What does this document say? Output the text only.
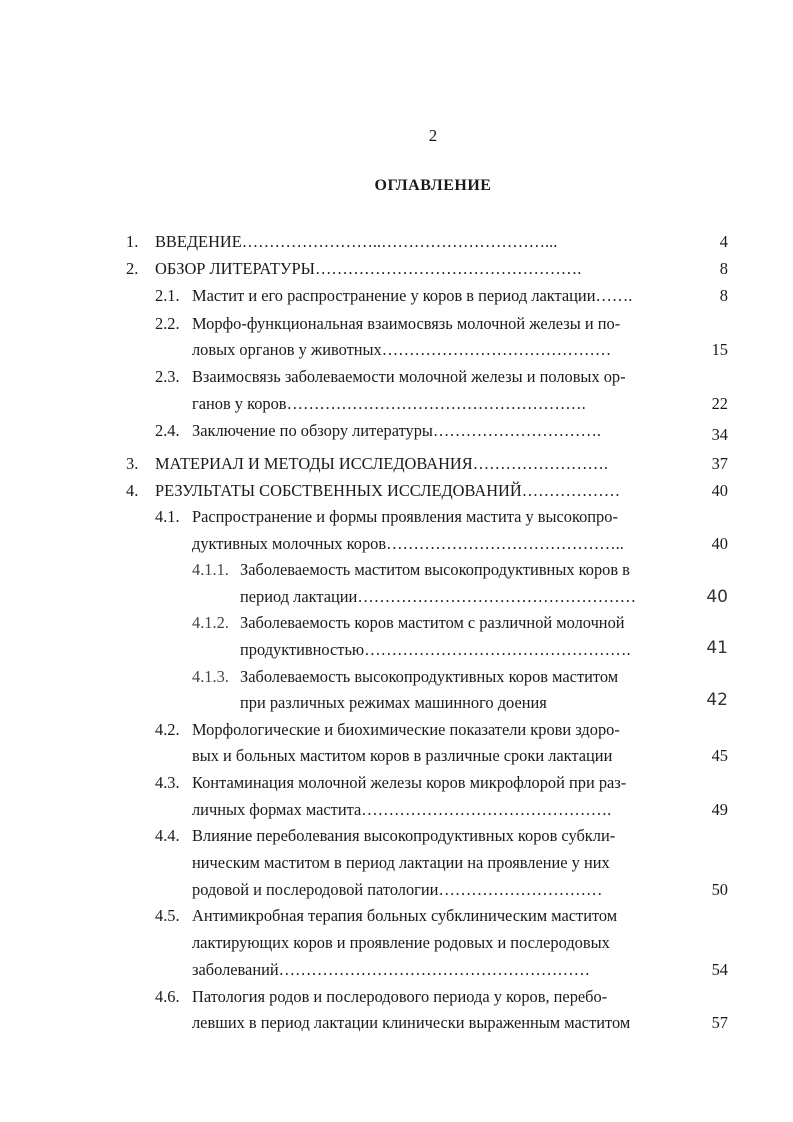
2
ОГЛАВЛЕНИЕ
1. ВВЕДЕНИЕ……………………..…………………………...	4
2. ОБЗОР ЛИТЕРАТУРЫ………………………………………….	8
2.1. Мастит и его распространение у коров в период лактации…….	8
2.2. Морфо-функциональная взаимосвязь молочной железы и по-
ловых органов у животных……………………………………	15
2.3. Взаимосвязь заболеваемости молочной железы и половых ор-
ганов у коров……………………………………………….	22
2.4. Заключение по обзору литературы………………………….	34
3. МАТЕРИАЛ И МЕТОДЫ ИССЛЕДОВАНИЯ…………………….	37
4. РЕЗУЛЬТАТЫ СОБСТВЕННЫХ ИССЛЕДОВАНИЙ………………	40
4.1. Распространение и формы проявления мастита у высокопро-
дуктивных молочных коров……………………………………..	40
4.1.1. Заболеваемость маститом высокопродуктивных коров в
период лактации……………………………………………	40
4.1.2. Заболеваемость коров маститом с различной молочной
продуктивностью………………………………………….	41
4.1.3. Заболеваемость высокопродуктивных коров маститом
при различных режимах машинного доения	42
4.2. Морфологические и биохимические показатели крови здоро-
вых и больных маститом коров в различные сроки лактации	45
4.3. Контаминация молочной железы коров микрофлорой при раз-
личных формах мастита……………………………………….	49
4.4. Влияние переболевания высокопродуктивных коров субкли-
ническим маститом в период лактации на проявление у них
родовой и послеродовой патологии…………………………	50
4.5. Антимикробная терапия больных субклиническим маститом
лактирующих коров и проявление родовых и послеродовых
заболеваний…………………………………………………	54
4.6. Патология родов и послеродового периода у коров, перебо-
левших в период лактации клинически выраженным маститом	57
